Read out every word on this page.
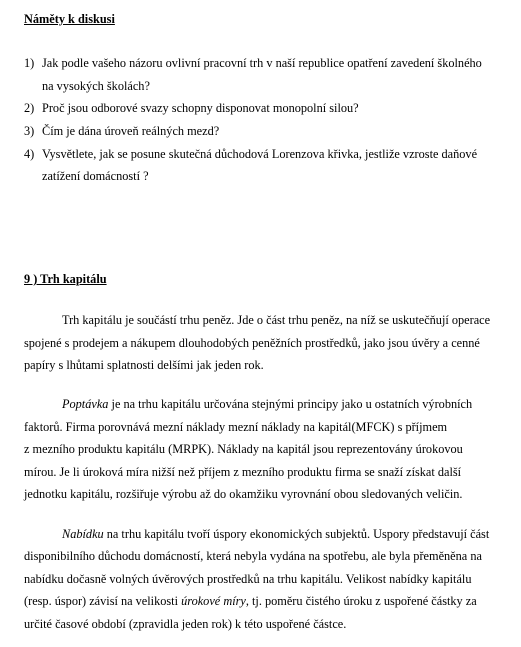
Náměty k diskusi
1) Jak podle vašeho názoru ovlivní pracovní trh v naší republice opatření zavedení školného
na vysokých školách?
2) Proč jsou odborové svazy schopny disponovat monopolní silou?
3) Čím je dána úroveň reálných mezd?
4) Vysvětlete, jak se posune skutečná důchodová Lorenzova křivka, jestliže vzroste daňové
zatížení domácností ?
9 ) Trh kapitálu
Trh kapitálu je součástí trhu peněz. Jde o část trhu peněz, na níž se uskutečňují operace
spojené s prodejem a nákupem dlouhodobých peněžních prostředků, jako jsou úvěry a cenné
papíry s lhůtami splatnosti delšími jak jeden rok.
Poptávka je na trhu kapitálu určována stejnými principy jako u ostatních výrobních
faktorů. Firma porovnává mezní náklady mezní náklady na kapitál(MFCK) s příjmem
z mezního produktu kapitálu (MRPK). Náklady na kapitál jsou reprezentovány úrokovou
mírou. Je li úroková míra nižší než příjem z mezního produktu firma se snaží získat další
jednotku kapitálu, rozšiřuje výrobu až do okamžiku vyrovnání obou sledovaných veličin.
Nabídku na trhu kapitálu tvoří úspory ekonomických subjektů. Uspory představují část
disponibilního důchodu domácností, která nebyla vydána na spotřebu, ale byla přeměněna na
nabídku dočasně volných úvěrových prostředků na trhu kapitálu. Velikost nabídky kapitálu
(resp. úspor) závisí na velikosti úrokové míry, tj. poměru čistého úroku z uspořené částky za
určité časové období (zpravidla jeden rok) k této uspořené částce.
